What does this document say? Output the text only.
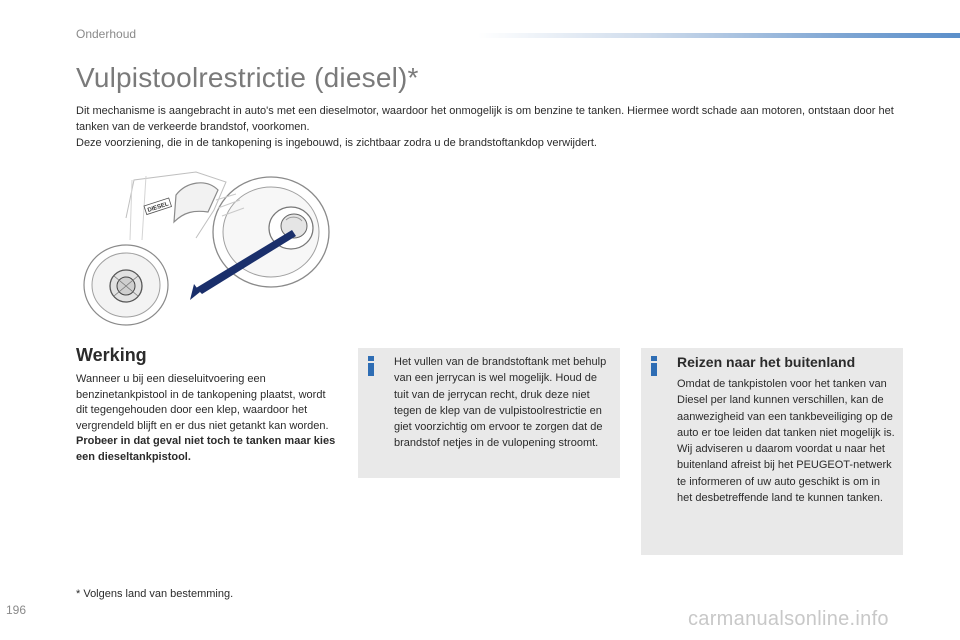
Onderhoud
Vulpistoolrestrictie (diesel)*

Dit mechanisme is aangebracht in auto's met een dieselmotor, waardoor het onmogelijk is om benzine te tanken. Hiermee wordt schade aan motoren, ontstaan door het tanken van de verkeerde brandstof, voorkomen.

Deze voorziening, die in de tankopening is ingebouwd, is zichtbaar zodra u de brandstoftankdop verwijdert.

DIESEL
Werking

Wanneer u bij een dieseluitvoering een benzinetankpistool in de tankopening plaatst, wordt dit tegengehouden door een klep, waardoor het vergrendeld blijft en er dus niet getankt kan worden.

Probeer in dat geval niet toch te tanken maar kies een dieseltankpistool.

Het vullen van de brandstoftank met behulp van een jerrycan is wel mogelijk. Houd de tuit van de jerrycan recht, druk deze niet tegen de klep van de vulpistoolrestrictie en giet voorzichtig om ervoor te zorgen dat de brandstof netjes in de vulopening stroomt.

Reizen naar het buitenland

Omdat de tankpistolen voor het tanken van Diesel per land kunnen verschillen, kan de aanwezigheid van een tankbeveiliging op de auto er toe leiden dat tanken niet mogelijk is.

Wij adviseren u daarom voordat u naar het buitenland afreist bij het PEUGEOT-netwerk te informeren of uw auto geschikt is om in het desbetreffende land te kunnen tanken.

* Volgens land van bestemming.
196	carmanualsonline.info
